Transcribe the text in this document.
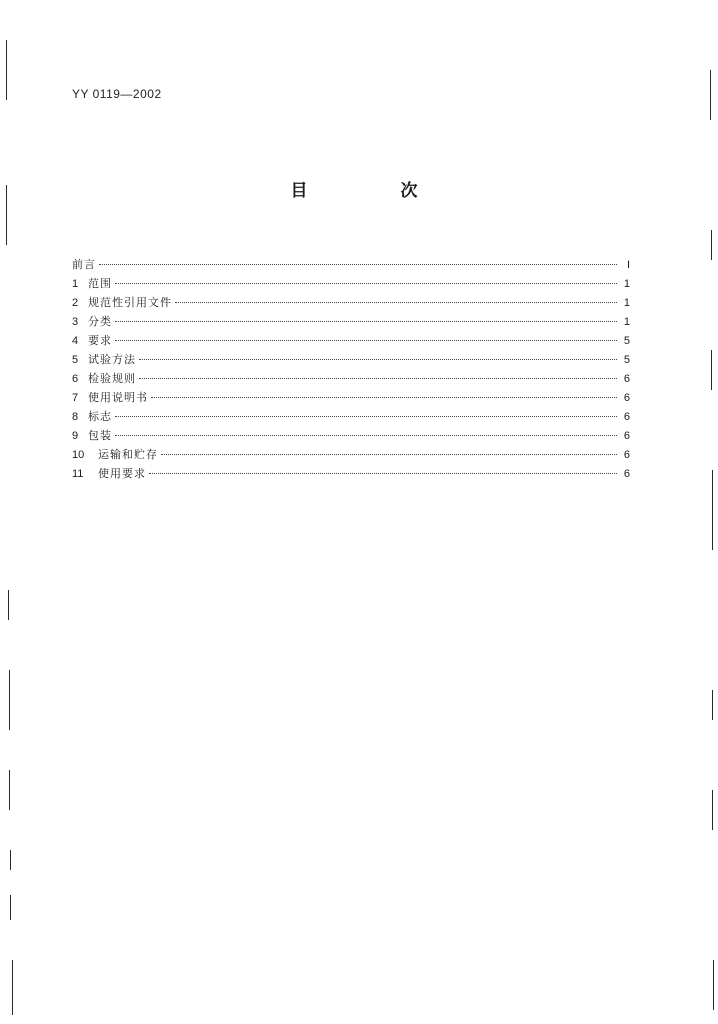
YY 0119—2002
目　次
前言	I
1 范围	1
2 规范性引用文件	1
3 分类	1
4 要求	5
5 试验方法	5
6 检验规则	6
7 使用说明书	6
8 标志	6
9 包装	6
10	运输和贮存	6
11	使用要求	6
